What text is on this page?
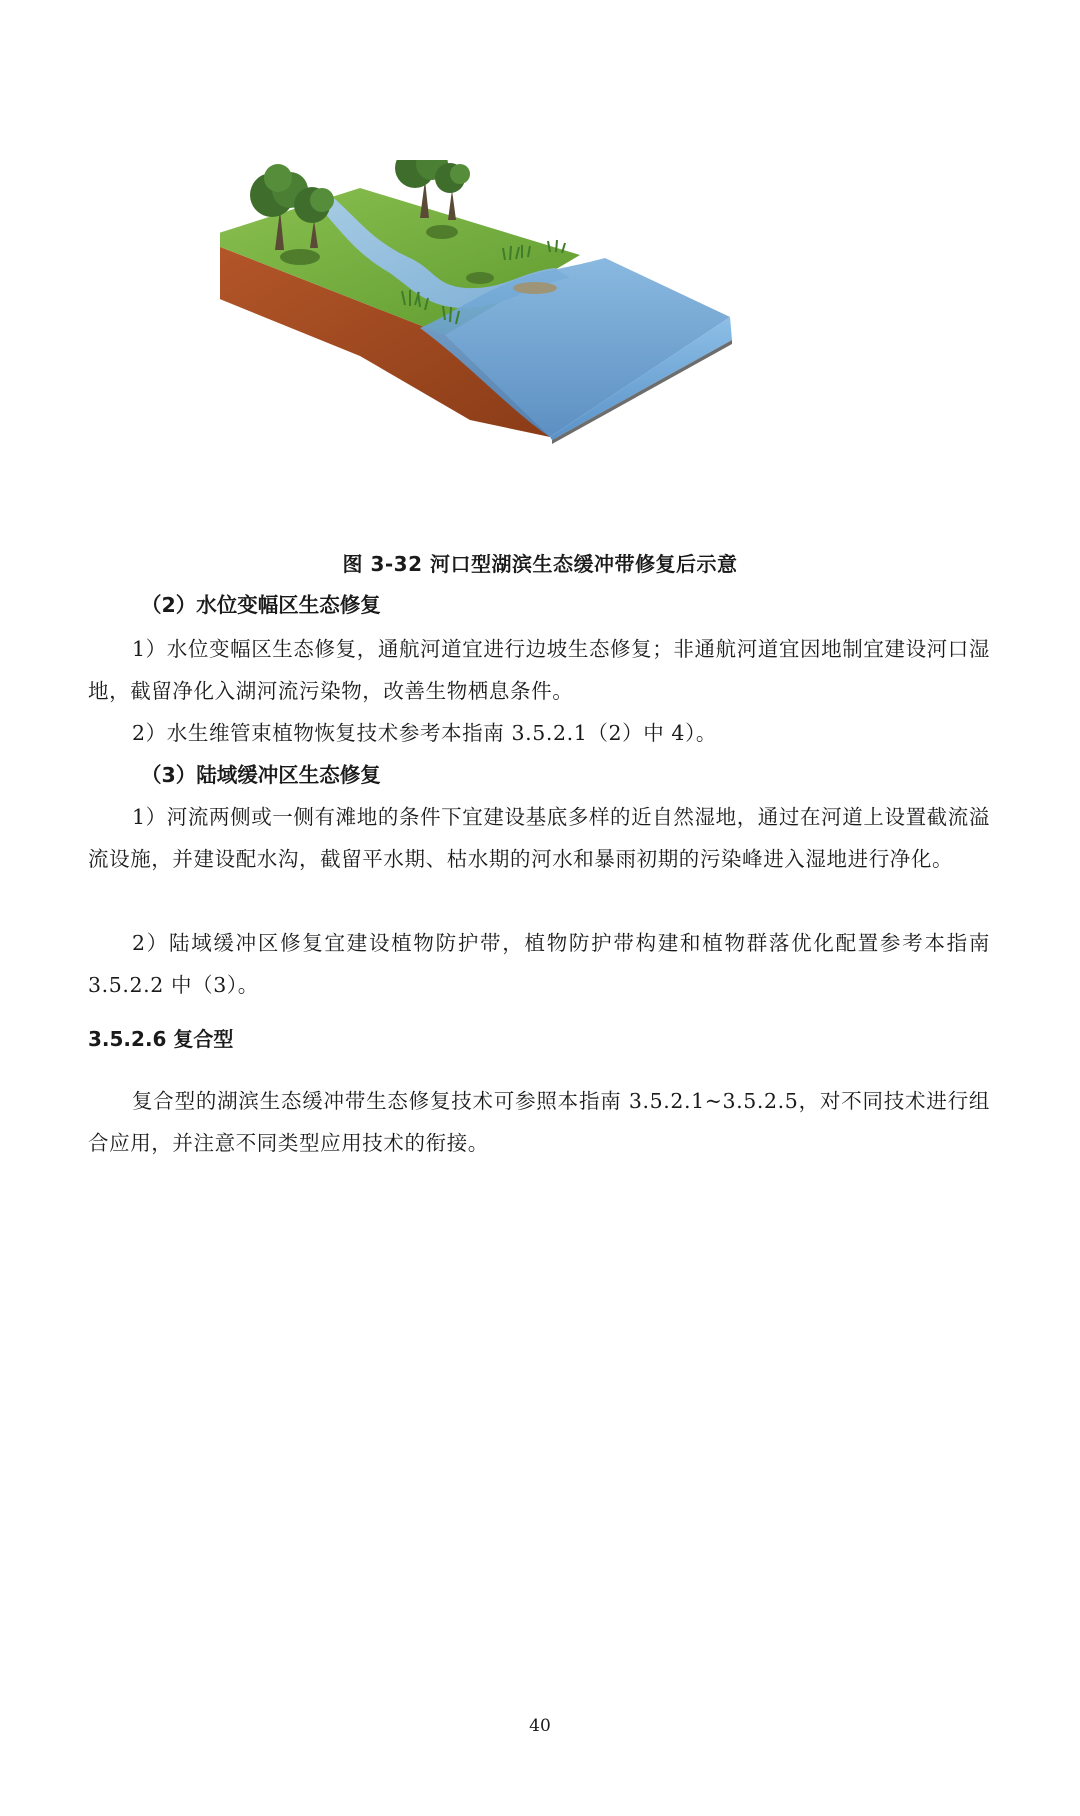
图 3-32 河口型湖滨生态缓冲带修复后示意
（2）水位变幅区生态修复
1）水位变幅区生态修复，通航河道宜进行边坡生态修复；非通航河道宜因地制宜建设河口湿地，截留净化入湖河流污染物，改善生物栖息条件。
2）水生维管束植物恢复技术参考本指南 3.5.2.1（2）中 4）。
（3）陆域缓冲区生态修复
1）河流两侧或一侧有滩地的条件下宜建设基底多样的近自然湿地，通过在河道上设置截流溢流设施，并建设配水沟，截留平水期、枯水期的河水和暴雨初期的污染峰进入湿地进行净化。
2）陆域缓冲区修复宜建设植物防护带，植物防护带构建和植物群落优化配置参考本指南 3.5.2.2 中（3）。
3.5.2.6 复合型
复合型的湖滨生态缓冲带生态修复技术可参照本指南 3.5.2.1~3.5.2.5，对不同技术进行组合应用，并注意不同类型应用技术的衔接。
40
